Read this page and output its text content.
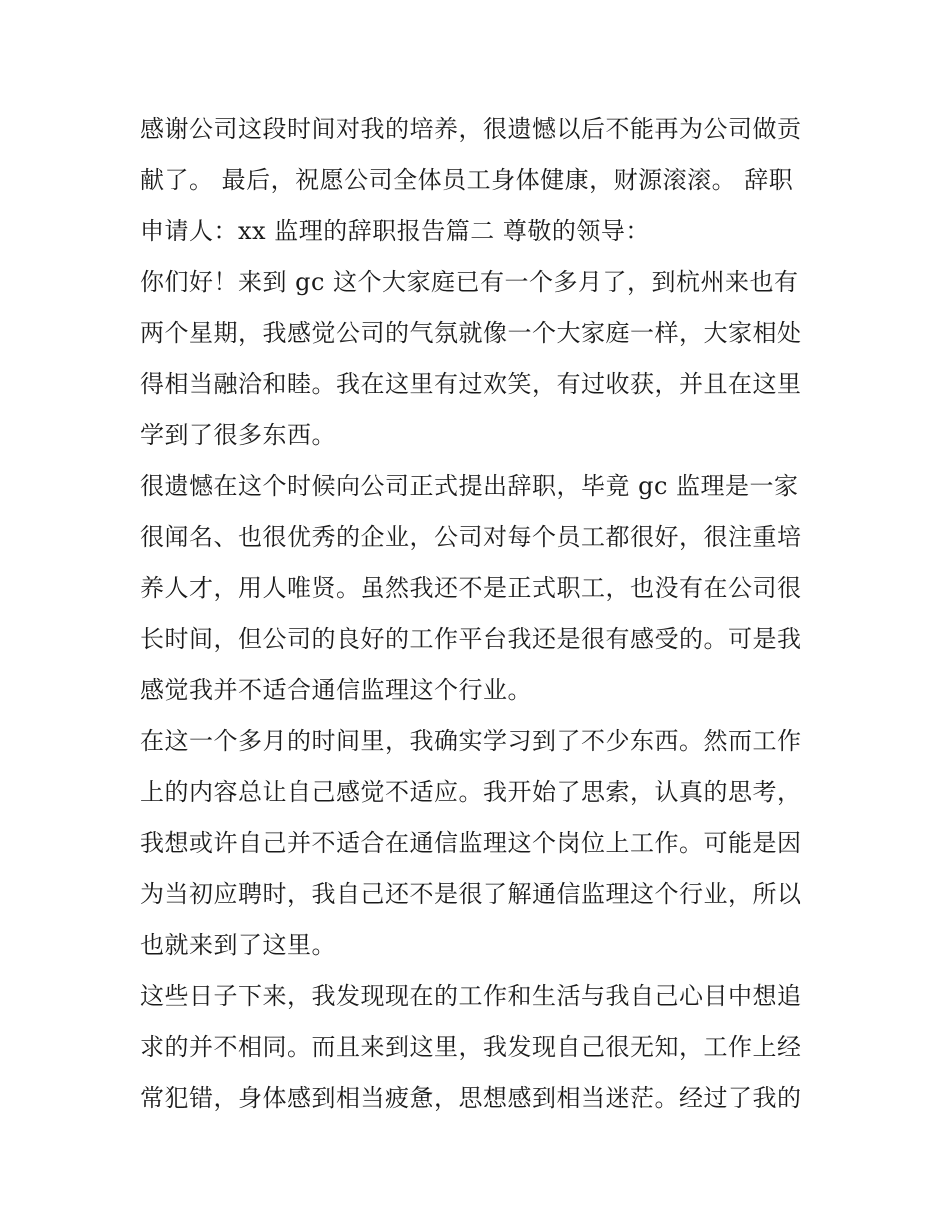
感谢公司这段时间对我的培养，很遗憾以后不能再为公司做贡
献了。 最后，祝愿公司全体员工身体健康，财源滚滚。 辞职
申请人：xx 监理的辞职报告篇二 尊敬的领导：
你们好！来到 gc 这个大家庭已有一个多月了，到杭州来也有
两个星期，我感觉公司的气氛就像一个大家庭一样，大家相处
得相当融洽和睦。我在这里有过欢笑，有过收获，并且在这里
学到了很多东西。
很遗憾在这个时候向公司正式提出辞职，毕竟 gc 监理是一家
很闻名、也很优秀的企业，公司对每个员工都很好，很注重培
养人才，用人唯贤。虽然我还不是正式职工，也没有在公司很
长时间，但公司的良好的工作平台我还是很有感受的。可是我
感觉我并不适合通信监理这个行业。
在这一个多月的时间里，我确实学习到了不少东西。然而工作
上的内容总让自己感觉不适应。我开始了思索，认真的思考，
我想或许自己并不适合在通信监理这个岗位上工作。可能是因
为当初应聘时，我自己还不是很了解通信监理这个行业，所以
也就来到了这里。
这些日子下来，我发现现在的工作和生活与我自己心目中想追
求的并不相同。而且来到这里，我发现自己很无知，工作上经
常犯错，身体感到相当疲惫，思想感到相当迷茫。经过了我的
